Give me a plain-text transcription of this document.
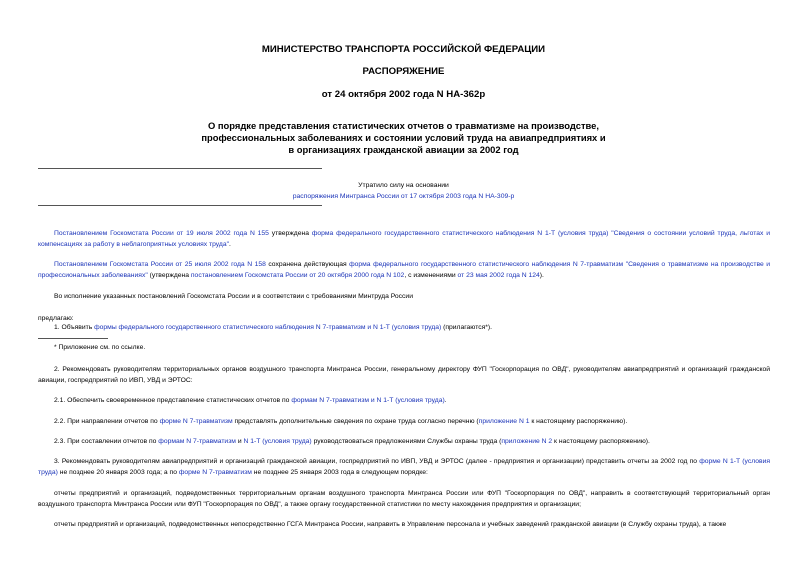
МИНИСТЕРСТВО ТРАНСПОРТА РОССИЙСКОЙ ФЕДЕРАЦИИ
РАСПОРЯЖЕНИЕ
от 24 октября 2002 года N НА-362р
О порядке представления статистических отчетов о травматизме на производстве,
профессиональных заболеваниях и состоянии условий труда на авиапредприятиях и
в организациях гражданской авиации за 2002 год
Утратило силу на основании
распоряжения Минтранса России от 17 октября 2003 года N НА-309-р
Постановлением Госкомстата России от 19 июля 2002 года N 155 утверждена форма федерального государственного статистического наблюдения N 1-Т (условия труда) "Сведения о состоянии условий труда, льготах и компенсациях за работу в неблагоприятных условиях труда".
Постановлением Госкомстата России от 25 июля 2002 года N 158 сохранена действующая форма федерального государственного статистического наблюдения N 7-травматизм "Сведения о травматизме на производстве и профессиональных заболеваниях" (утверждена постановлением Госкомстата России от 20 октября 2000 года N 102, с изменениями от 23 мая 2002 года N 124).
Во исполнение указанных постановлений Госкомстата России и в соответствии с требованиями Минтруда России
предлагаю:
1. Объявить формы федерального государственного статистического наблюдения N 7-травматизм и N 1-Т (условия труда) (прилагаются*).
* Приложение см. по ссылке.
2. Рекомендовать руководителям территориальных органов воздушного транспорта Минтранса России, генеральному директору ФУП "Госкорпорация по ОВД", руководителям авиапредприятий и организаций гражданской авиации, госпредприятий по ИВП, УВД и ЭРТОС:
2.1. Обеспечить своевременное представление статистических отчетов по формам N 7-травматизм и N 1-Т (условия труда).
2.2. При направлении отчетов по форме N 7-травматизм представлять дополнительные сведения по охране труда согласно перечню (приложение N 1 к настоящему распоряжению).
2.3. При составлении отчетов по формам N 7-травматизм и N 1-Т (условия труда) руководствоваться предложениями Службы охраны труда (приложение N 2 к настоящему распоряжению).
3. Рекомендовать руководителям авиапредприятий и организаций гражданской авиации, госпредприятий по ИВП, УВД и ЭРТОС (далее - предприятия и организации) представить отчеты за 2002 год по форме N 1-Т (условия труда) не позднее 20 января 2003 года; а по форме N 7-травматизм не позднее 25 января 2003 года в следующем порядке:
отчеты предприятий и организаций, подведомственных территориальным органам воздушного транспорта Минтранса России или ФУП "Госкорпорация по ОВД", направить в соответствующий территориальный орган воздушного транспорта Минтранса России или ФУП "Госкорпорация по ОВД", а также органу государственной статистики по месту нахождения предприятия и организации;
отчеты предприятий и организаций, подведомственных непосредственно ГСГА Минтранса России, направить в Управление персонала и учебных заведений гражданской авиации (в Службу охраны труда), а также
